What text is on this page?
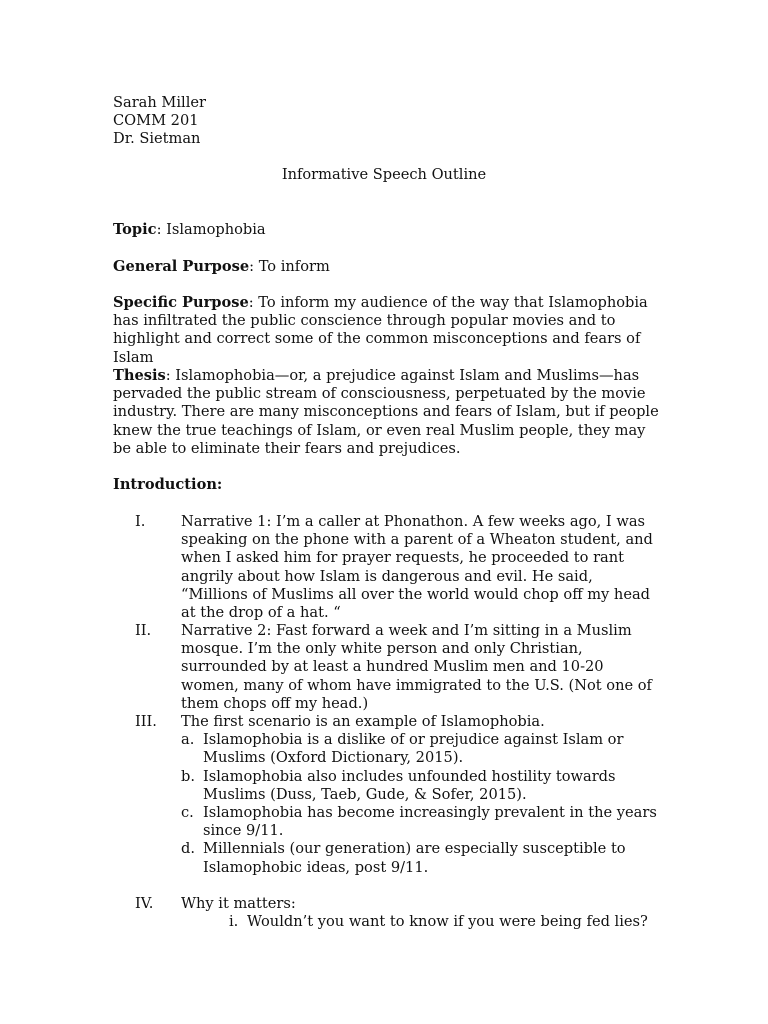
Sarah Miller
COMM 201
Dr. Sietman
Informative Speech Outline
Topic: Islamophobia
General Purpose: To inform
Specific Purpose: To inform my audience of the way that Islamophobia has infiltrated the public conscience through popular movies and to highlight and correct some of the common misconceptions and fears of Islam
Thesis: Islamophobia—or, a prejudice against Islam and Muslims—has pervaded the public stream of consciousness, perpetuated by the movie industry. There are many misconceptions and fears of Islam, but if people knew the true teachings of Islam, or even real Muslim people, they may be able to eliminate their fears and prejudices.
Introduction:
I. Narrative 1: I’m a caller at Phonathon. A few weeks ago, I was speaking on the phone with a parent of a Wheaton student, and when I asked him for prayer requests, he proceeded to rant angrily about how Islam is dangerous and evil. He said, “Millions of Muslims all over the world would chop off my head at the drop of a hat. “
II. Narrative 2: Fast forward a week and I’m sitting in a Muslim mosque. I’m the only white person and only Christian, surrounded by at least a hundred Muslim men and 10-20 women, many of whom have immigrated to the U.S. (Not one of them chops off my head.)
III. The first scenario is an example of Islamophobia.
a. Islamophobia is a dislike of or prejudice against Islam or Muslims (Oxford Dictionary, 2015).
b. Islamophobia also includes unfounded hostility towards Muslims (Duss, Taeb, Gude, & Sofer, 2015).
c. Islamophobia has become increasingly prevalent in the years since 9/11.
d. Millennials (our generation) are especially susceptible to Islamophobic ideas, post 9/11.
IV. Why it matters:
i. Wouldn’t you want to know if you were being fed lies?
